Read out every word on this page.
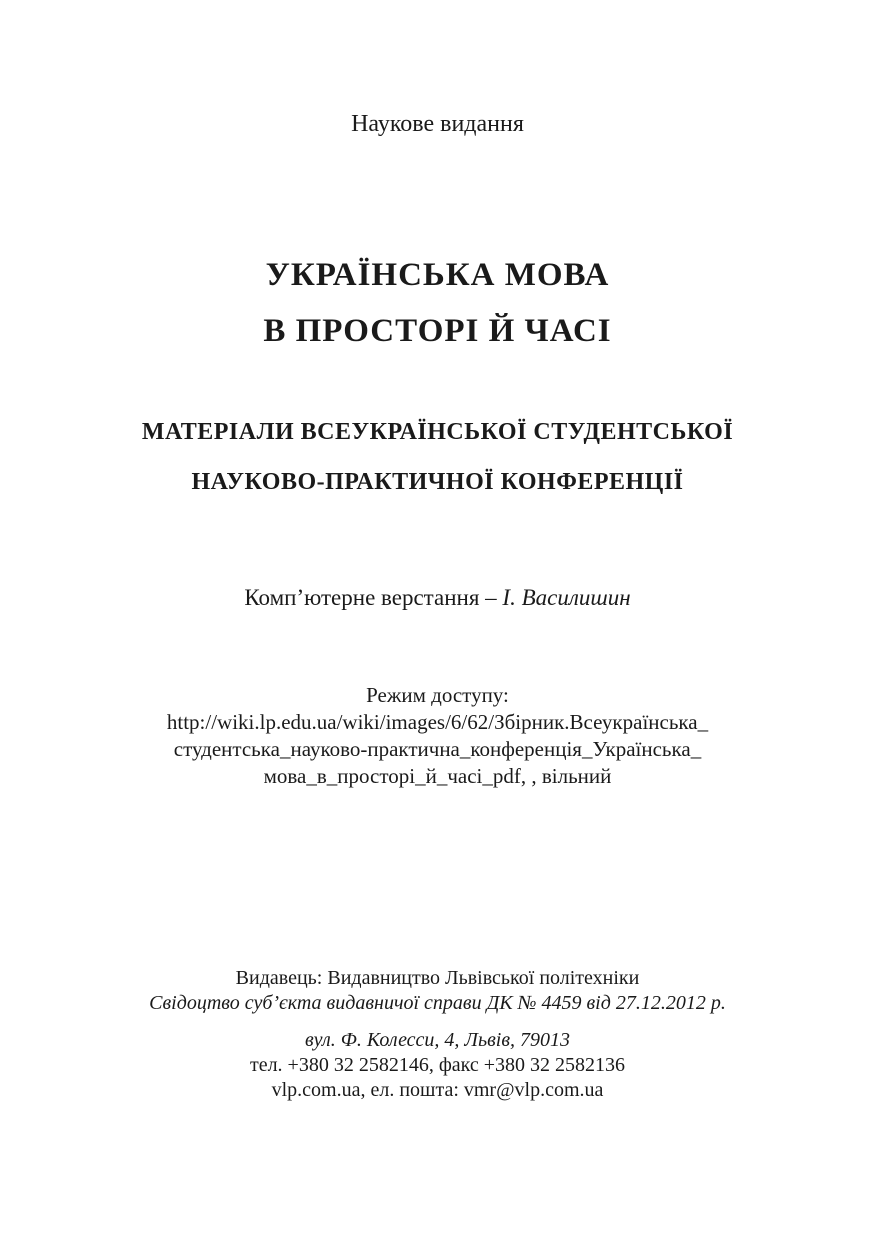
Наукове видання
УКРАЇНСЬКА МОВА
В ПРОСТОРІ Й ЧАСІ
МАТЕРІАЛИ ВСЕУКРАЇНСЬКОЇ СТУДЕНТСЬКОЇ
НАУКОВО-ПРАКТИЧНОЇ КОНФЕРЕНЦІЇ
Комп’ютерне верстання – І. Василишин
Режим доступу:
http://wiki.lp.edu.ua/wiki/images/6/62/Збірник.Всеукраїнська_
студентська_науково-практична_конференція_Українська_
мова_в_просторі_й_часі_pdf, , вільний
Видавець: Видавництво Львівської політехніки
Свідоцтво суб’єкта видавничої справи ДК № 4459 від 27.12.2012 р.
вул. Ф. Колесси, 4, Львів, 79013
тел. +380 32 2582146, факс +380 32 2582136
vlp.com.ua, ел. пошта: vmr@vlp.com.ua
